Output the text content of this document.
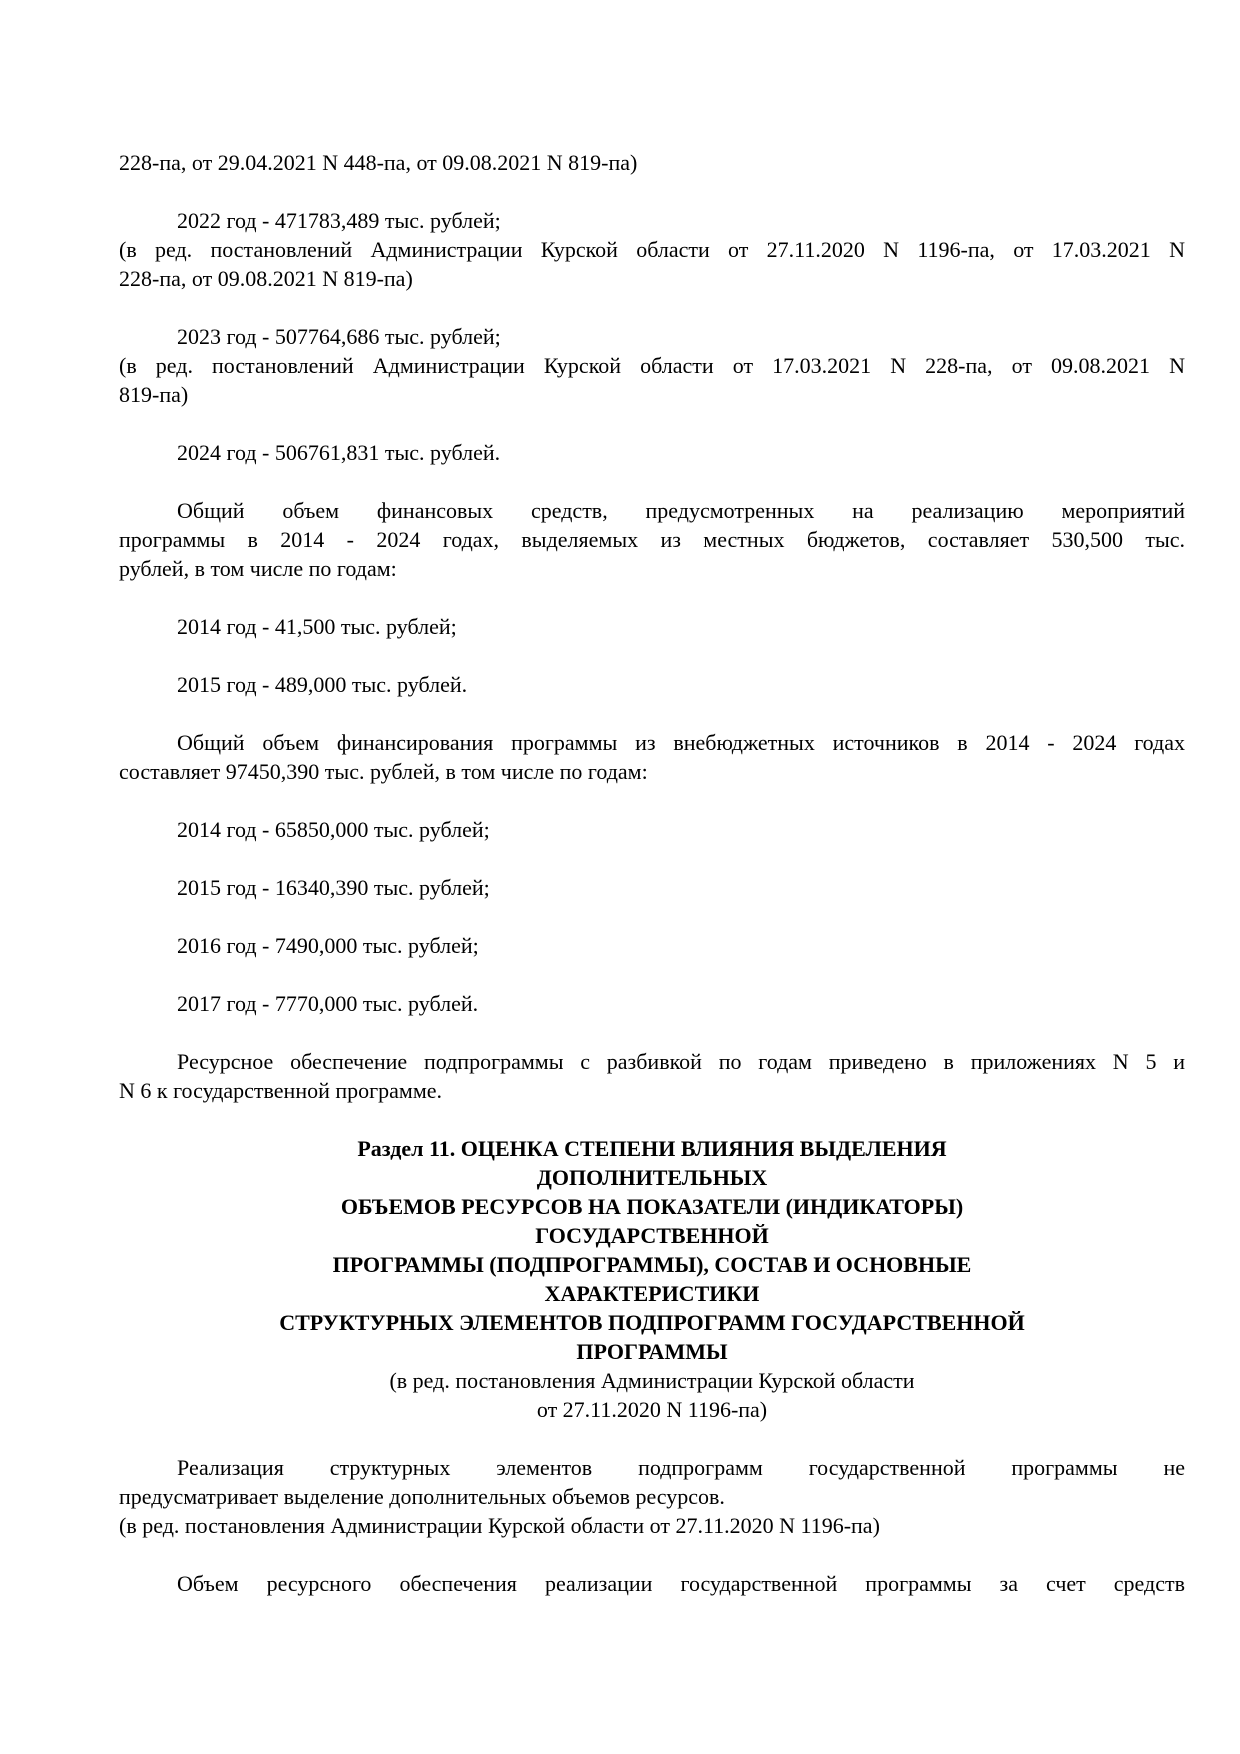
228-па, от 29.04.2021 N 448-па, от 09.08.2021 N 819-па)
2022 год - 471783,489 тыс. рублей;
(в ред. постановлений Администрации Курской области от 27.11.2020 N 1196-па, от 17.03.2021 N
228-па, от 09.08.2021 N 819-па)
2023 год - 507764,686 тыс. рублей;
(в ред. постановлений Администрации Курской области от 17.03.2021 N 228-па, от 09.08.2021 N
819-па)
2024 год - 506761,831 тыс. рублей.
Общий объем финансовых средств, предусмотренных на реализацию мероприятий
программы в 2014 - 2024 годах, выделяемых из местных бюджетов, составляет 530,500 тыс.
рублей, в том числе по годам:
2014 год - 41,500 тыс. рублей;
2015 год - 489,000 тыс. рублей.
Общий объем финансирования программы из внебюджетных источников в 2014 - 2024 годах
составляет 97450,390 тыс. рублей, в том числе по годам:
2014 год - 65850,000 тыс. рублей;
2015 год - 16340,390 тыс. рублей;
2016 год - 7490,000 тыс. рублей;
2017 год - 7770,000 тыс. рублей.
Ресурсное обеспечение подпрограммы с разбивкой по годам приведено в приложениях N 5 и
N 6 к государственной программе.
Раздел 11. ОЦЕНКА СТЕПЕНИ ВЛИЯНИЯ ВЫДЕЛЕНИЯ
ДОПОЛНИТЕЛЬНЫХ
ОБЪЕМОВ РЕСУРСОВ НА ПОКАЗАТЕЛИ (ИНДИКАТОРЫ)
ГОСУДАРСТВЕННОЙ
ПРОГРАММЫ (ПОДПРОГРАММЫ), СОСТАВ И ОСНОВНЫЕ
ХАРАКТЕРИСТИКИ
СТРУКТУРНЫХ ЭЛЕМЕНТОВ ПОДПРОГРАММ ГОСУДАРСТВЕННОЙ
ПРОГРАММЫ
(в ред. постановления Администрации Курской области
от 27.11.2020 N 1196-па)
Реализация структурных элементов подпрограмм государственной программы не
предусматривает выделение дополнительных объемов ресурсов.
(в ред. постановления Администрации Курской области от 27.11.2020 N 1196-па)
Объем ресурсного обеспечения реализации государственной программы за счет средств
